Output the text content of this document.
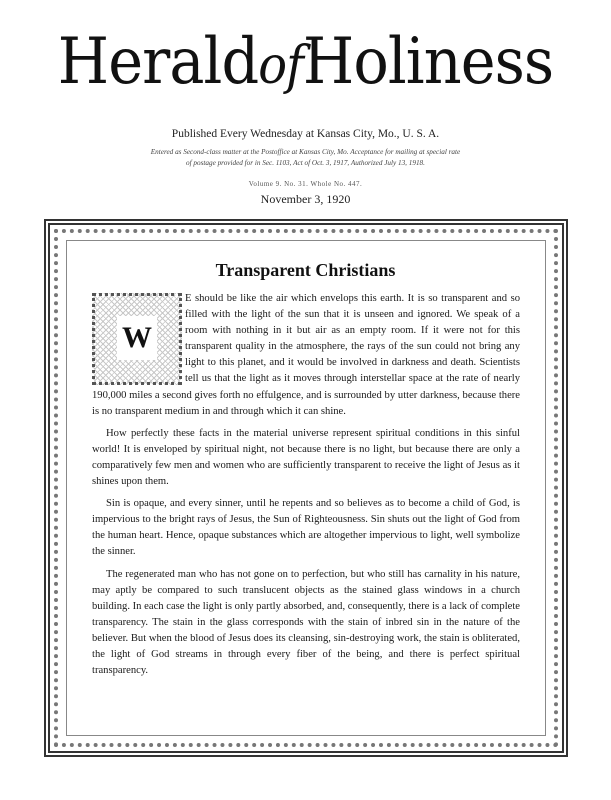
HeraldofHoliness
Published Every Wednesday at Kansas City, Mo., U. S. A.
Entered as Second-class matter at the Postoffice at Kansas City, Mo. Acceptance for mailing at special rate
of postage provided for in Sec. 1103, Act of Oct. 3, 1917, Authorized July 13, 1918.
Volume 9. No. 31. Whole No. 447.
November 3, 1920
Transparent Christians

E should be like the air which envelops this earth. It is so transparent and so filled with the light of the sun that it is unseen and ignored. We speak of a room with nothing in it but air as an empty room. If it were not for this transparent quality in the atmosphere, the rays of the sun could not bring any light to this planet, and it would be involved in darkness and death. Scientists tell us that the light as it moves through interstellar space at the rate of nearly 190,000 miles a second gives forth no effulgence, and is surrounded by utter darkness, because there is no transparent medium in and through which it can shine.

How perfectly these facts in the material universe represent spiritual conditions in this sinful world! It is enveloped by spiritual night, not because there is no light, but because there are only a comparatively few men and women who are sufficiently transparent to receive the light of Jesus as it shines upon them.

Sin is opaque, and every sinner, until he repents and so believes as to become a child of God, is impervious to the bright rays of Jesus, the Sun of Righteousness. Sin shuts out the light of God from the human heart. Hence, opaque substances which are altogether impervious to light, well symbolize the sinner.

The regenerated man who has not gone on to perfection, but who still has carnality in his nature, may aptly be compared to such translucent objects as the stained glass windows in a church building. In each case the light is only partly absorbed, and, consequently, there is a lack of complete transparency. The stain in the glass corresponds with the stain of inbred sin in the nature of the believer. But when the blood of Jesus does its cleansing, sin-destroying work, the stain is obliterated, the light of God streams in through every fiber of the being, and there is perfect spiritual transparency.

W
